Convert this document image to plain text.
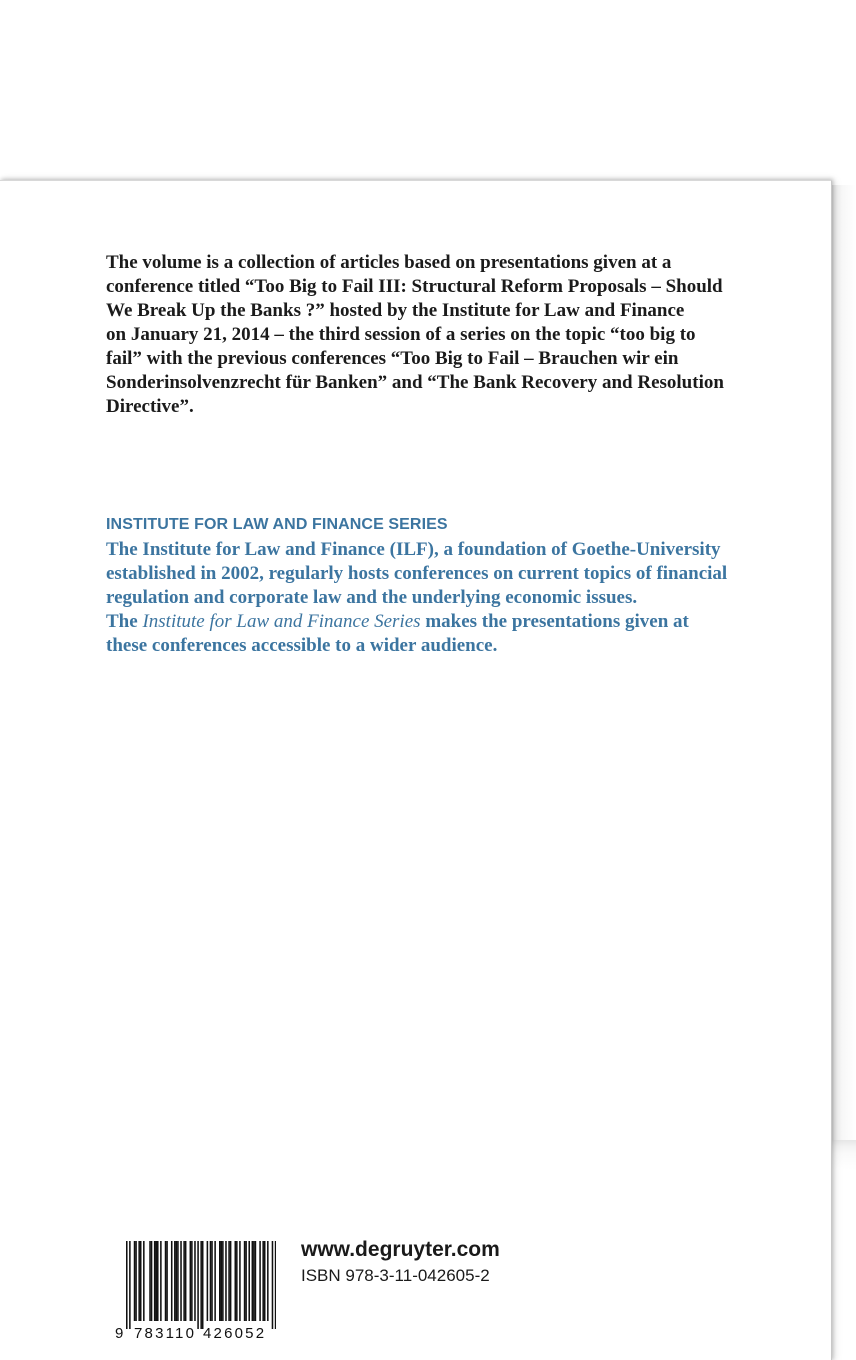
The volume is a collection of articles based on presentations given at a
conference titled “Too Big to Fail III: Structural Reform Proposals – Should
We Break Up the Banks ?” hosted by the Institute for Law and Finance
on January 21, 2014 – the third session of a series on the topic “too big to
fail” with the previous conferences “Too Big to Fail – Brauchen wir ein
Sonderinsolvenzrecht für Banken” and “The Bank Recovery and Resolution
Directive”.

INSTITUTE FOR LAW AND FINANCE SERIES

The Institute for Law and Finance (ILF), a foundation of Goethe-University
established in 2002, regularly hosts conferences on current topics of financial
regulation and corporate law and the underlying economic issues.
The Institute for Law and Finance Series makes the presentations given at
these conferences accessible to a wider audience.

9 783110 426052

www.degruyter.com

ISBN 978-3-11-042605-2
